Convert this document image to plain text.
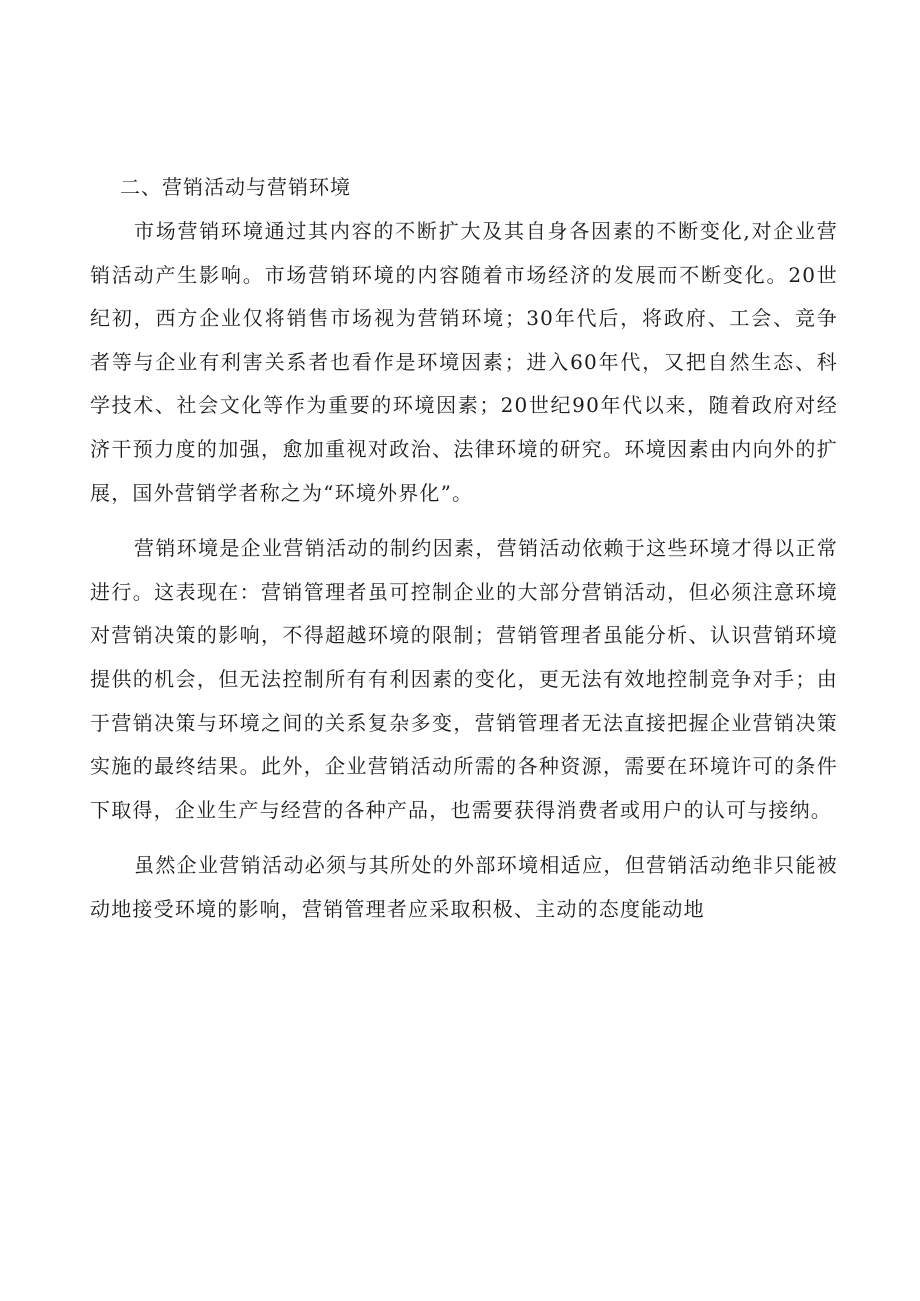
二、营销活动与营销环境

市场营销环境通过其内容的不断扩大及其自身各因素的不断变化,对企业营销活动产生影响。市场营销环境的内容随着市场经济的发展而不断变化。20世纪初，西方企业仅将销售市场视为营销环境；30年代后，将政府、工会、竞争者等与企业有利害关系者也看作是环境因素；进入60年代，又把自然生态、科学技术、社会文化等作为重要的环境因素；20世纪90年代以来，随着政府对经济干预力度的加强，愈加重视对政治、法律环境的研究。环境因素由内向外的扩展，国外营销学者称之为“环境外界化”。

营销环境是企业营销活动的制约因素，营销活动依赖于这些环境才得以正常进行。这表现在：营销管理者虽可控制企业的大部分营销活动，但必须注意环境对营销决策的影响，不得超越环境的限制；营销管理者虽能分析、认识营销环境提供的机会，但无法控制所有有利因素的变化，更无法有效地控制竞争对手；由于营销决策与环境之间的关系复杂多变，营销管理者无法直接把握企业营销决策实施的最终结果。此外，企业营销活动所需的各种资源，需要在环境许可的条件下取得，企业生产与经营的各种产品，也需要获得消费者或用户的认可与接纳。

虽然企业营销活动必须与其所处的外部环境相适应，但营销活动绝非只能被动地接受环境的影响，营销管理者应采取积极、主动的态度能动地
